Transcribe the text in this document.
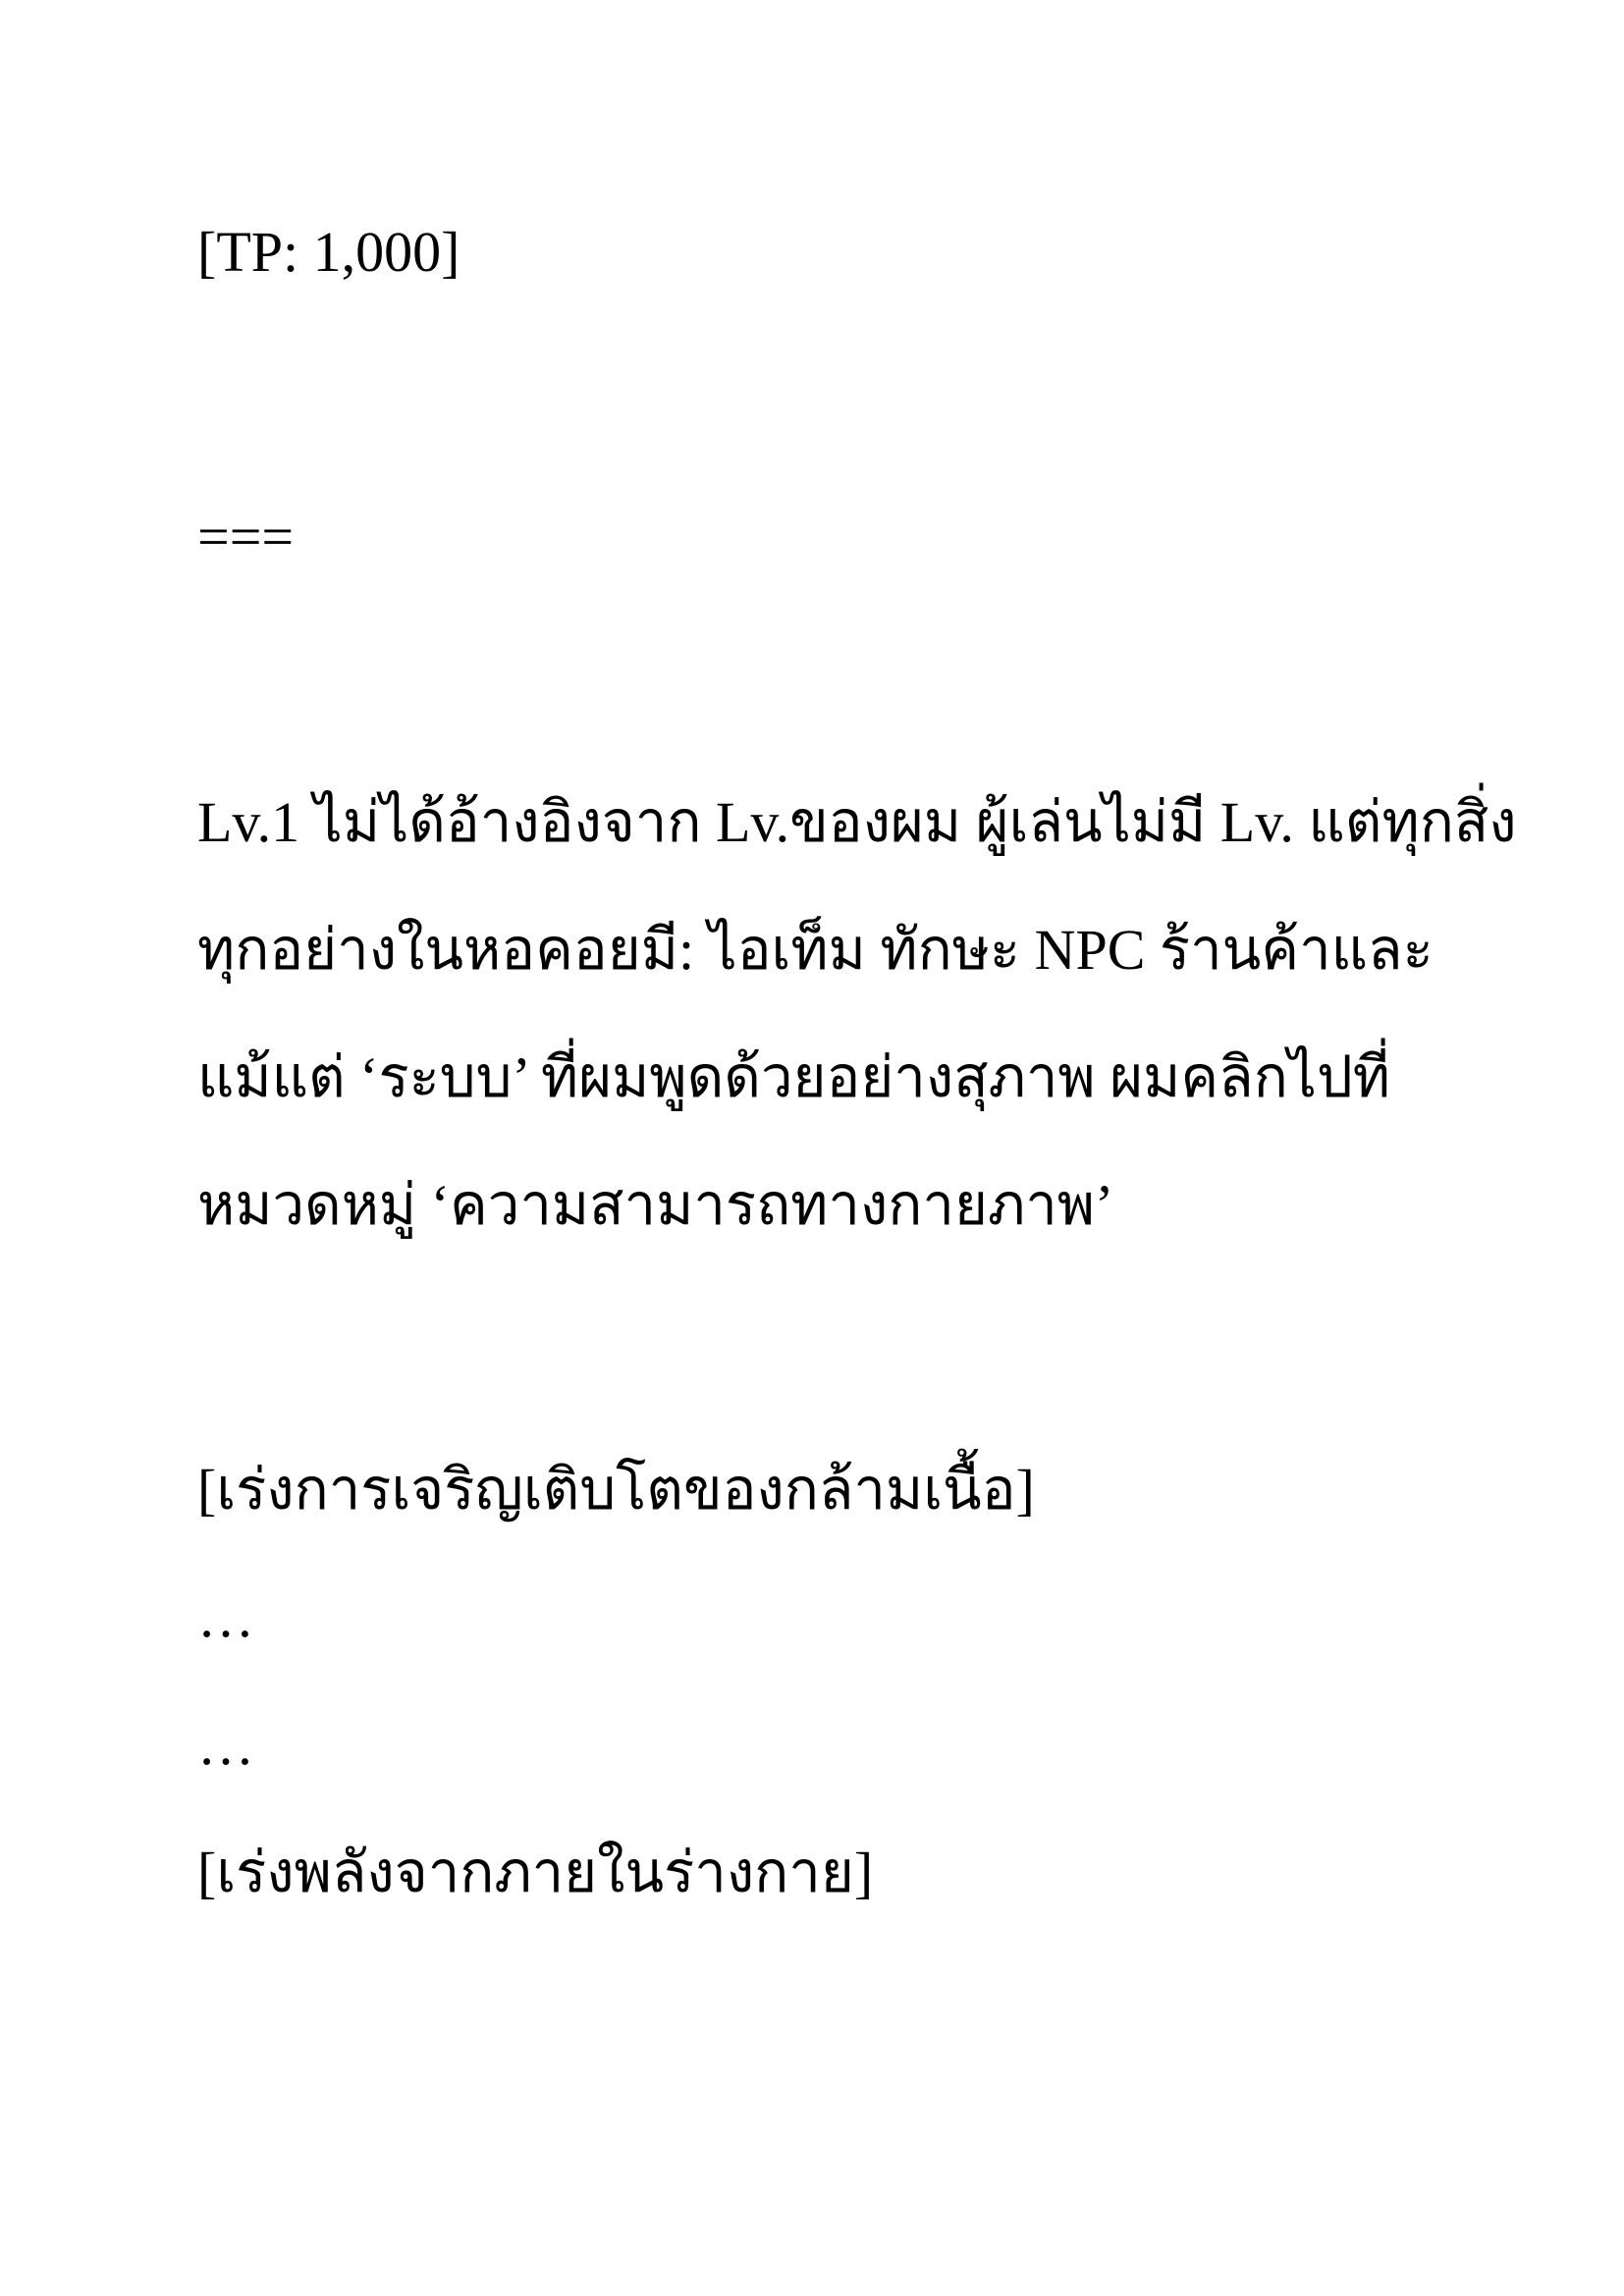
[TP: 1,000]
===
Lv.1 ไม่ได้อ้างอิงจาก Lv.ของผม ผู้เล่นไม่มี Lv. แต่ทุกสิ่ง
ทุกอย่างในหอคอยมี: ไอเท็ม ทักษะ NPC ร้านค้าและ
แม้แต่ ‘ระบบ’ ที่ผมพูดด้วยอย่างสุภาพ ผมคลิกไปที่
หมวดหมู่ ‘ความสามารถทางกายภาพ’
[เร่งการเจริญเติบโตของกล้ามเนื้อ]
…
…
[เร่งพลังจากภายในร่างกาย]
